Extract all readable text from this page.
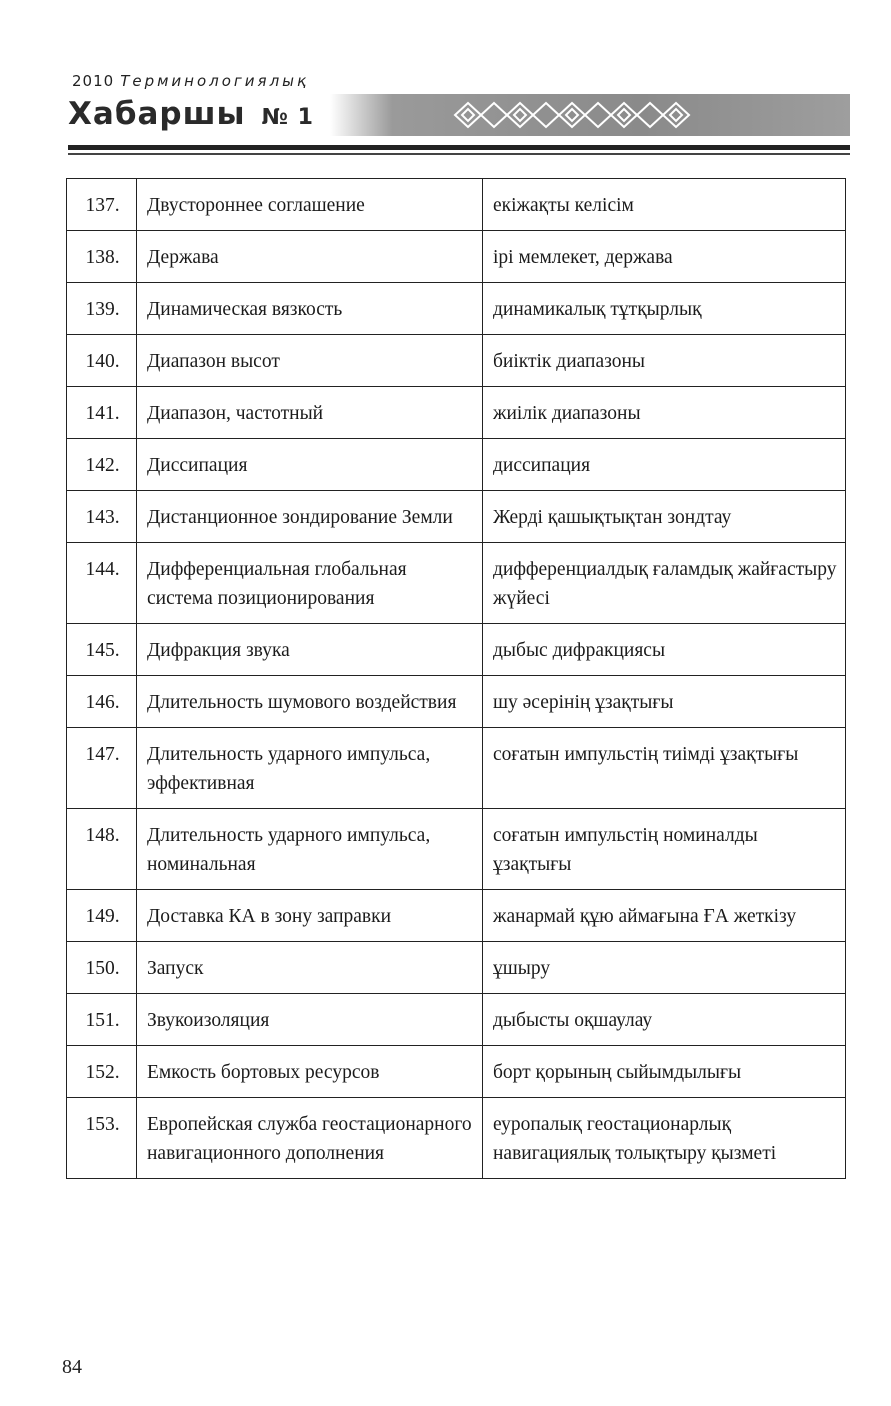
2010 Терминологиялық
Хабаршы № 1
137.	Двустороннее соглашение	екіжақты келісім
138.	Держава	ірі мемлекет, держава
139.	Динамическая вязкость	динамикалық тұтқырлық
140.	Диапазон высот	биіктік диапазоны
141.	Диапазон, частотный	жиілік диапазоны
142.	Диссипация	диссипация
143.	Дистанционное зондирование Земли	Жерді қашықтықтан зондтау
144.	Дифференциальная глобальная система позиционирования	дифференциалдық ғаламдық жайғастыру жүйесі
145.	Дифракция звука	дыбыс дифракциясы
146.	Длительность шумового воздействия	шу әсерінің ұзақтығы
147.	Длительность ударного импульса, эффективная	соғатын импульстің тиімді ұзақтығы
148.	Длительность ударного импульса, номинальная	соғатын импульстің номиналды ұзақтығы
149.	Доставка КА в зону заправки	жанармай құю аймағына ҒА жеткізу
150.	Запуск	ұшыру
151.	Звукоизоляция	дыбысты оқшаулау
152.	Емкость бортовых ресурсов	борт қорының сыйымдылығы
153.	Европейская служба геостационарного навигационного дополнения	еуропалық геостационарлық навигациялық толықтыру қызметі
84
